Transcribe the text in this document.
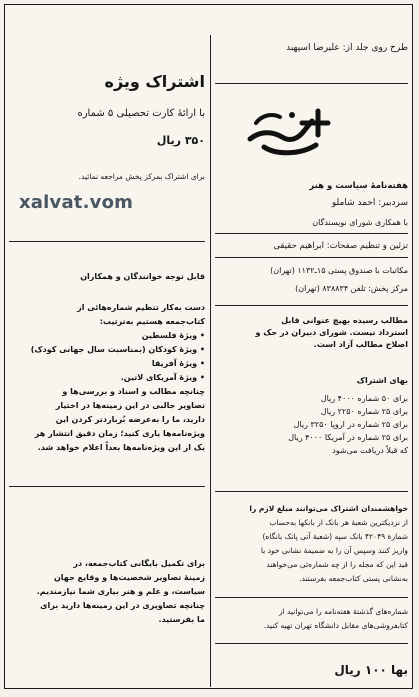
طرح روی جلد از: علیرضا اسپهبد
هفته‌نامهٔ سیاست و هنر
سردبیر: احمد شاملو
با همکاری شورای نویسندگان
تزئین و تنظیم صفحات: ابراهیم حقیقی
مکاتبات با صندوق پستی ۱۵ـ۱۱۳۲ (تهران)
مرکز پخش: تلفن ۸۳۸۸۳۴ (تهران)
مطالب رسیده بهیچ عنوانی قابل
استرداد نیست. شورای دبیران در حک و
اصلاح مطالب آزاد است.
بهای اشتراک
برای ۵۰ شماره ۴۰۰۰ ریال
برای ۲۵ شماره ۲۲۵۰ ریال
برای ۲۵ شماره در اروپا ۳۲۵۰ ریال
برای ۲۵ شماره در آمریکا ۴۰۰۰ ریال
که قبلاً دریافت می‌شود
خواهشمندان اشتراک می‌توانند مبلغ لازم را
از نزدیکترین شعبهٔ هر بانک از بانکها به‌حساب
شمارهٔ ۴۲۰۴۹ بانک سپه (شعبهٔ آتی پاتک بانگاه)
واریز کنند وسپس آن را به ضمیمهٔ نشانی خود با
قید این که مجله را از چه شماره‌ئی می‌خواهند
به‌نشانی پستی کتاب‌جمعه بفرستند.
شماره‌های گذشتهٔ هفته‌نامه را می‌توانید از
کتابفروشی‌های مقابل دانشگاه تهران تهیه کنید.
بها ۱۰۰ ریال
اشتراک ویژه
با ارائهٔ کارت تحصیلی ۵ شماره
۳۵۰ ریال
برای اشتراک بمرکز پخش مراجعه نمائید.
قابل توجه خوانندگان و همکاران
دست به‌کار تنظیم شماره‌هائی از
کتاب‌جمعه هستیم به‌ترتیب:
• ویژهٔ فلسطین
• ویژهٔ کودکان (بمناسبت سال جهانی کودک)
• ویژهٔ آفریقا
• ویژهٔ آمریکای لاتین.
چنانچه مطالب و اسناد و بررسی‌ها و
تصاویر جالبی در این زمینه‌ها در اختیار
دارید، ما را به‌عرضه بُرباردتر کردن این
ویژه‌نامه‌ها یاری کنید؛ زمان دقیق انتشار هر
یک از این ویژه‌نامه‌ها بعداً اعلام خواهد شد.
برای تکمیل بایگانی کتاب‌جمعه، در
زمینهٔ تصاویر شخصیت‌ها و وقایع جهان
سیاست، و علم و هنر بیاری شما نیازمندیم.
چنانچه تصاویری در این زمینه‌ها دارید برای
ما بفرستید.
xalvat.vom
